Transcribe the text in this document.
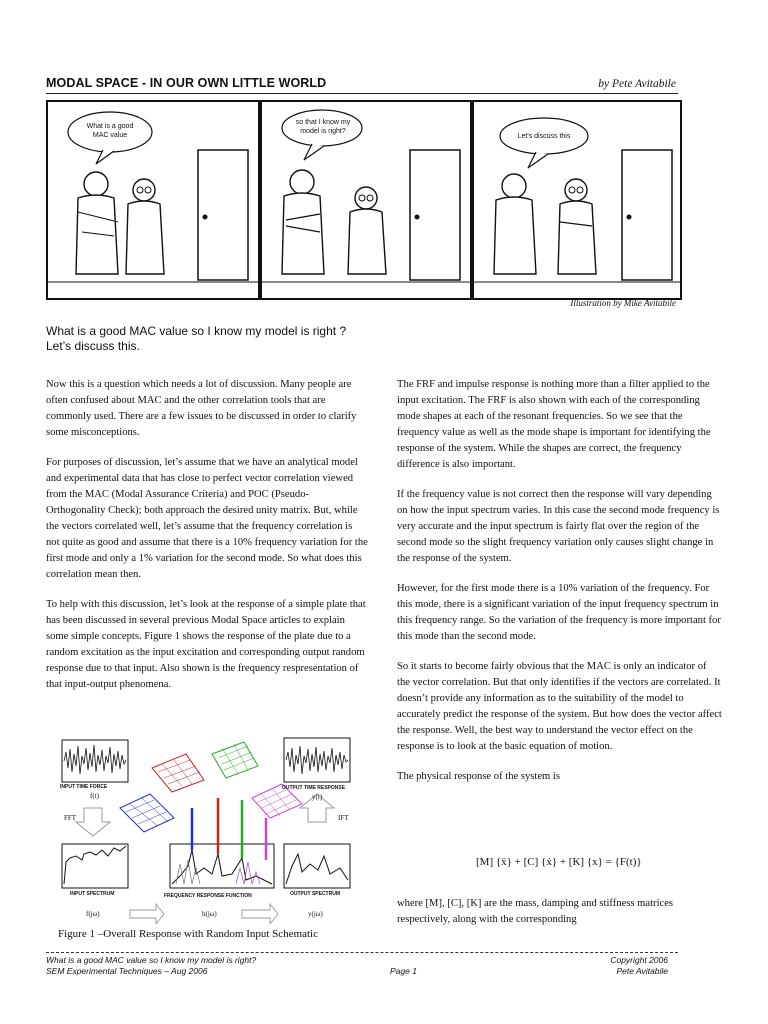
MODAL SPACE - IN OUR OWN LITTLE WORLD	by Pete Avitabile
What is a good
MAC value
so that I know my
model is right?
Let's discuss this
Illustration by Mike Avitabile
What is a good MAC value so I know my model is right ?
Let’s discuss this.

Now this is a question which needs a lot of discussion. Many people are often confused about MAC and the other correlation tools that are commonly used. There are a few issues to be discussed in order to clarify some misconceptions.

For purposes of discussion, let’s assume that we have an analytical model and experimental data that has close to perfect vector correlation viewed from the MAC (Modal Assurance Criteria) and POC (Pseudo-Orthogonality Check); both approach the desired unity matrix. But, while the vectors correlated well, let’s assume that the frequency correlation is not quite as good and assume that there is a 10% frequency variation for the first mode and only a 1% variation for the second mode. So what does this correlation mean then.

To help with this discussion, let’s look at the response of a simple plate that has been discussed in several previous Modal Space articles to explain some simple concepts. Figure 1 shows the response of the plate due to a random excitation as the input excitation and corresponding output random response due to that input. Also shown is the frequency respresentation of that input-output phenomena.

INPUT TIME FORCE
f(t)
OUTPUT TIME RESPONSE
y(t)
FFT	IFT
INPUT SPECTRUM	FREQUENCY RESPONSE FUNCTION	OUTPUT SPECTRUM
f(jω)	h(jω)	y(jω)
Figure 1 –Overall Response with Random Input Schematic

The FRF and impulse response is nothing more than a filter applied to the input excitation. The FRF is also shown with each of the corresponding mode shapes at each of the resonant frequencies. So we see that the frequency value as well as the mode shape is important for identifying the response of the system. While the shapes are correct, the frequency difference is also important.

If the frequency value is not correct then the response will vary depending on how the input spectrum varies. In this case the second mode frequency is very accurate and the input spectrum is fairly flat over the region of the second mode so the slight frequency variation only causes slight change in the response of the system.

However, for the first mode there is a 10% variation of the frequency. For this mode, there is a significant variation of the input frequency spectrum in this frequency range. So the variation of the frequency is more important for this mode than the second mode.

So it starts to become fairly obvious that the MAC is only an indicator of the vector correlation. But that only identifies if the vectors are correlated. It doesn’t provide any information as to the suitability of the model to accurately predict the response of the system. But how does the vector affect the response. Well, the best way to understand the vector effect on the response is to look at the basic equation of motion.

The physical response of the system is

[M] {ẍ} + [C] {ẋ} + [K] {x} = {F(t)}

where [M], [C], [K] are the mass, damping and stiffness matrices respectively, along with the corresponding

What is a good MAC value so I know my model is right?
SEM Experimental Techniques – Aug 2006	Page 1
Copyright 2006
Pete Avitabile
